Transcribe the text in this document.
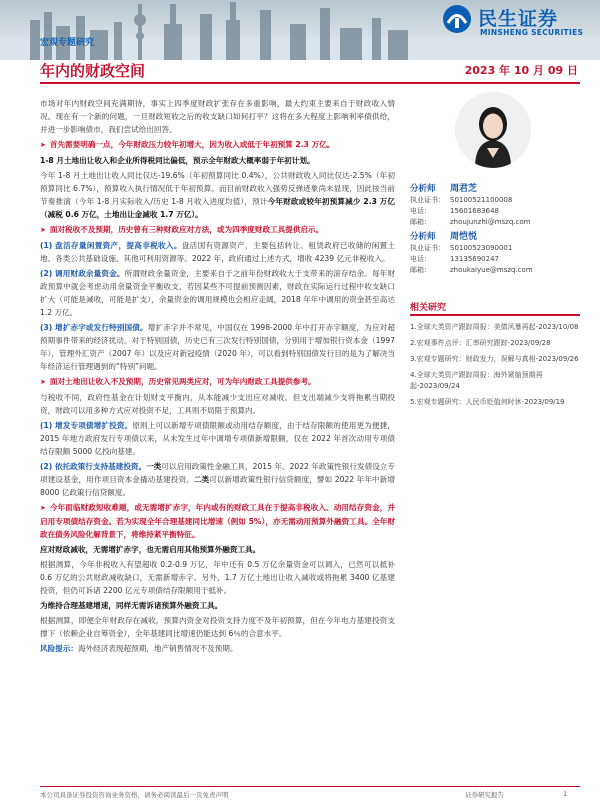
民生证券
MINSHENG SECURITIES
宏观专题研究
年内的财政空间	2023 年 10 月 09 日

市场对年内财政空间充满期待，事实上四季度财政扩张存在多重影响，最大约束主要来自于财政收入情况。现在有一个新的问题，一旦财政短收之后的收支缺口如何打平？这将在多大程度上影响利率债供给，并进一步影响债市，我们尝试给出回答。

➤ 首先需要明确一点，今年财政压力较年初增大，因为收入或低于年初预算 2.3 万亿。

1-8 月土地出让收入和企业所得税同比偏低，预示全年财政大概率弱于年初计划。

今年 1-8 月土地出让收入同比仅达-19.6%（年初预算同比 0.4%），公共财政收入同比仅达-2.5%（年初预算同比 6.7%），预算收入执行情况低于年初预算。而目前财政收入强势反弹迹象尚未显现，因此按当前节奏推演（今年 1-8 月实际收入/历史 1-8 月收入进度均值），预计今年财政或较年初预算减少 2.3 万亿（减税 0.6 万亿，土地出让金减收 1.7 万亿）。

➤ 面对税收不及预期，历史曾有三种财政应对方法，或为四季度财政工具提供启示。

(1) 盘活存量闲置资产，提高非税收入。盘活国有资源资产，主要包括转让、租赁政府已收储的闲置土地、各类公共基础设施、其他可利用资源等。2022 年，政府通过上述方式，增收 4239 亿元非税收入。

(2) 调用财政余量资金。所谓财政余量资金，主要来自于之前年份财政收大于支带来的滚存结余。每年财政预算中就会考虑动用余量资金平衡收支，若因某些不可提前预测因素，财政在实际运行过程中收支缺口扩大（可能是减收，可能是扩支），余量资金的调用规模也会相应走阔，2018 年年中调用的资金甚至高达 1.2 万亿。

(3) 增扩赤字或发行特别国债。增扩赤字并不常见，中国仅在 1998-2000 年中打开赤字额度，为应对超预期事件带来的经济扰动。对于特别国债，历史已有三次发行特别国债，分别用于增加银行资本金（1997 年），管理外汇资产（2007 年）以及应对新冠疫情（2020 年），可以看到特别国债发行目的是为了解决当年经济运行管理遇到的“特别”问题。

➤ 面对土地出让收入不及预期，历史常见两类应对，可为年内财政工具提供参考。

与税收不同，政府性基金在计划财支平衡内，从本能减少支出应对减收。但支出端减少支将拖累当期投资，财政可以用多种方式应对投资不足，工具则不局限于预算内。

(1) 增发专项债增扩投资。原则上可以新增专项债限额或动用结存额度，由于结存限额的使用更为便捷，2015 年地方政府发行专项债以来，从未发生过年中调增专项债新增限额，仅在 2022 年首次动用专项债结存限额 5000 亿投向基建。

(2) 依托政策行支持基建投资。一类可以启用政策性金融工具，2015 年、2022 年政策性银行发债设立专项建设基金，用作项目资本金撬动基建投资。二类可以新增政策性银行信贷额度，譬如 2022 年年中新增 8000 亿政策行信贷额度。

➤ 今年面临财政短收难题，或无需增扩赤字，年内或有的财政工具在于提高非税收入、动用结存资金，并启用专项债结存资金。若为实现全年合理基建同比增速（例如 5%），亦无需动用预算外融资工具。全年财政在债务风险化解背景下，将维持紧平衡特征。

应对财政减收，无需增扩赤字，也无需启用其他预算外融资工具。

根据测算，今年非税收入有望超收 0.2-0.9 万亿，年中还有 0.5 万亿余量资金可以调入，已然可以抵补 0.6 万亿的公共财政减收缺口，无需新增赤字。另外，1.7 万亿土地出让收入减收或将拖累 3400 亿基建投资，但仍可诉诸 2200 亿元专项债结存限额用于抵补。

为维持合理基建增速，同样无需诉诸预算外融资工具。

根据测算，即便全年财政存在减收，预算内资金对投资支持力度不及年初预算，但在今年电力基建投资支撑下（依赖企业自筹资金），全年基建同比增速仍能达到 6％的合意水平。

风险提示：海外经济表现超预期，地产销售情况不及预期。

分析师	周君芝
执业证书： S0100521100008
电话：	15601683648
邮箱：	zhoujunzhi@mszq.com
分析师	周恺悦
执业证书： S0100523090001
电话：	13135690247
邮箱：	zhoukaiyue@mszq.com
相关研究
1.全球大类资产跟踪周报：美债风暴再起-2023/10/08
2.宏观事件点评：汇率研究跟踪-2023/09/28
3.宏观专题研究：财政发力，误解与真相-2023/09/26
4.全球大类资产跟踪周报：海外紧缩预期再起-2023/09/24
5.宏观专题研究：人民币贬值何时休-2023/09/19
本公司具备证券投资咨询业务资格，请务必阅读最后一页免责声明	证券研究报告	1
